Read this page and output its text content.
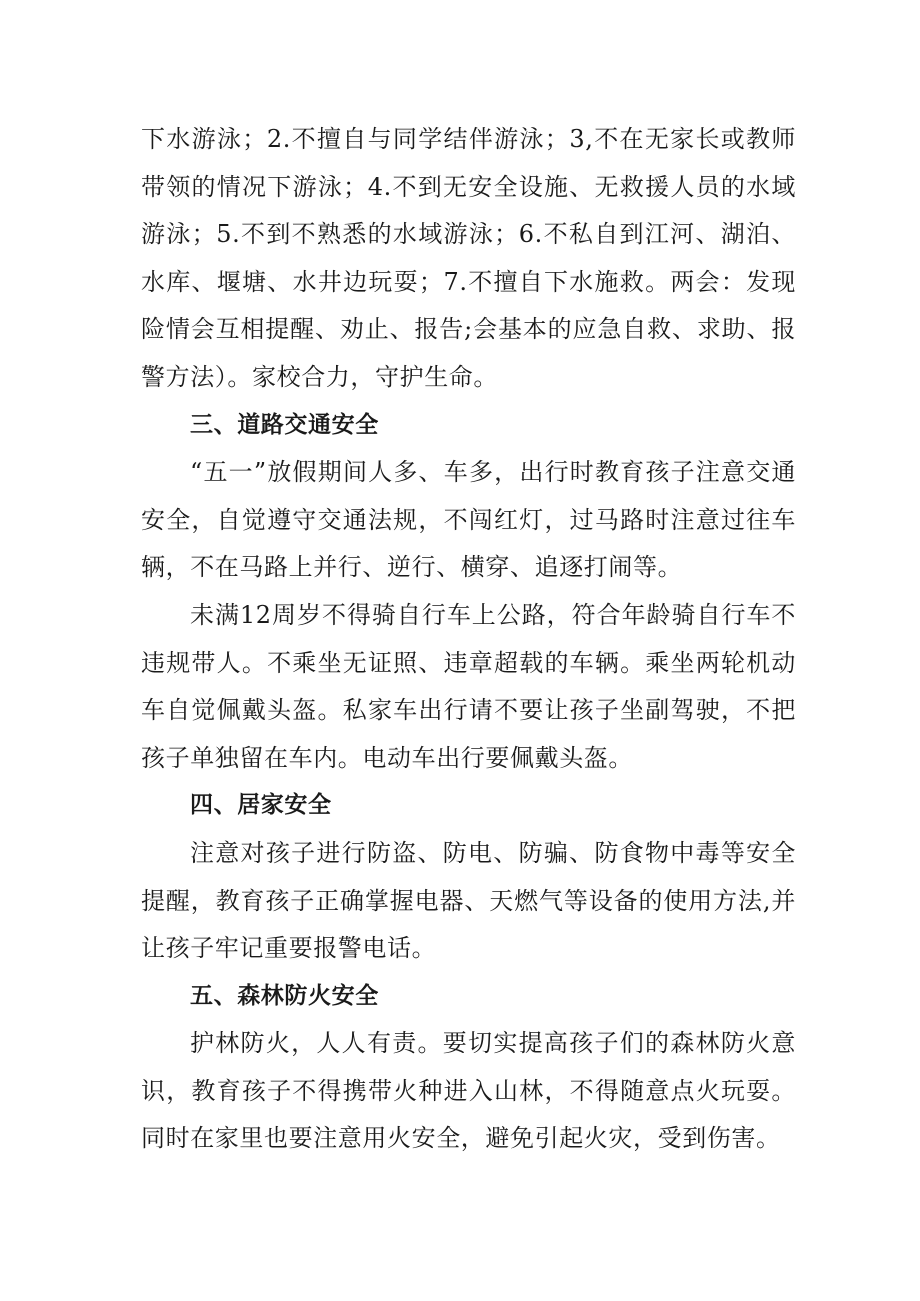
下水游泳；2.不擅自与同学结伴游泳；3,不在无家长或教师带领的情况下游泳；4.不到无安全设施、无救援人员的水域游泳；5.不到不熟悉的水域游泳；6.不私自到江河、湖泊、水库、堰塘、水井边玩耍；7.不擅自下水施救。两会：发现险情会互相提醒、劝止、报告;会基本的应急自救、求助、报警方法）。家校合力，守护生命。

三、道路交通安全

“五一”放假期间人多、车多，出行时教育孩子注意交通安全，自觉遵守交通法规，不闯红灯，过马路时注意过往车辆，不在马路上并行、逆行、横穿、追逐打闹等。

未满12周岁不得骑自行车上公路，符合年龄骑自行车不违规带人。不乘坐无证照、违章超载的车辆。乘坐两轮机动车自觉佩戴头盔。私家车出行请不要让孩子坐副驾驶，不把孩子单独留在车内。电动车出行要佩戴头盔。

四、居家安全

注意对孩子进行防盗、防电、防骗、防食物中毒等安全提醒，教育孩子正确掌握电器、天燃气等设备的使用方法,并让孩子牢记重要报警电话。

五、森林防火安全

护林防火，人人有责。要切实提高孩子们的森林防火意识，教育孩子不得携带火种进入山林，不得随意点火玩耍。同时在家里也要注意用火安全，避免引起火灾，受到伤害。
